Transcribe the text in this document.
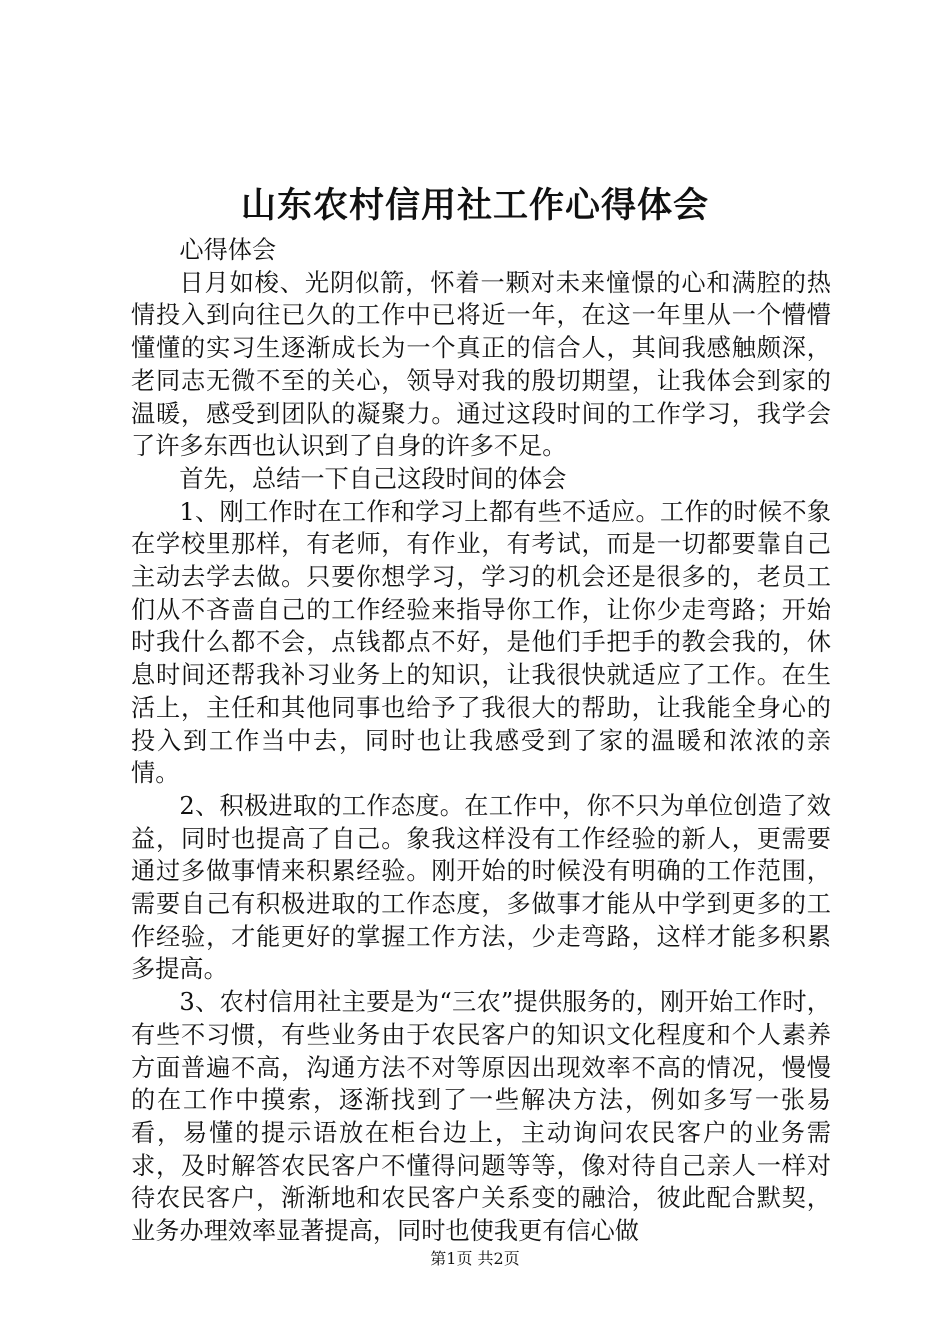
山东农村信用社工作心得体会

心得体会

日月如梭、光阴似箭，怀着一颗对未来憧憬的心和满腔的热情投入到向往已久的工作中已将近一年，在这一年里从一个懵懵懂懂的实习生逐渐成长为一个真正的信合人，其间我感触颇深，老同志无微不至的关心，领导对我的殷切期望，让我体会到家的温暖，感受到团队的凝聚力。通过这段时间的工作学习，我学会了许多东西也认识到了自身的许多不足。

首先，总结一下自己这段时间的体会

1、刚工作时在工作和学习上都有些不适应。工作的时候不象在学校里那样，有老师，有作业，有考试，而是一切都要靠自己主动去学去做。只要你想学习，学习的机会还是很多的，老员工们从不吝啬自己的工作经验来指导你工作，让你少走弯路；开始时我什么都不会，点钱都点不好，是他们手把手的教会我的，休息时间还帮我补习业务上的知识，让我很快就适应了工作。在生活上，主任和其他同事也给予了我很大的帮助，让我能全身心的投入到工作当中去，同时也让我感受到了家的温暖和浓浓的亲情。

2、积极进取的工作态度。在工作中，你不只为单位创造了效益，同时也提高了自己。象我这样没有工作经验的新人，更需要通过多做事情来积累经验。刚开始的时候没有明确的工作范围，需要自己有积极进取的工作态度，多做事才能从中学到更多的工作经验，才能更好的掌握工作方法，少走弯路，这样才能多积累多提高。

3、农村信用社主要是为“三农”提供服务的，刚开始工作时，有些不习惯，有些业务由于农民客户的知识文化程度和个人素养方面普遍不高，沟通方法不对等原因出现效率不高的情况，慢慢的在工作中摸索，逐渐找到了一些解决方法，例如多写一张易看，易懂的提示语放在柜台边上，主动询问农民客户的业务需求，及时解答农民客户不懂得问题等等，像对待自己亲人一样对待农民客户，渐渐地和农民客户关系变的融洽，彼此配合默契，业务办理效率显著提高，同时也使我更有信心做

第1页 共2页
